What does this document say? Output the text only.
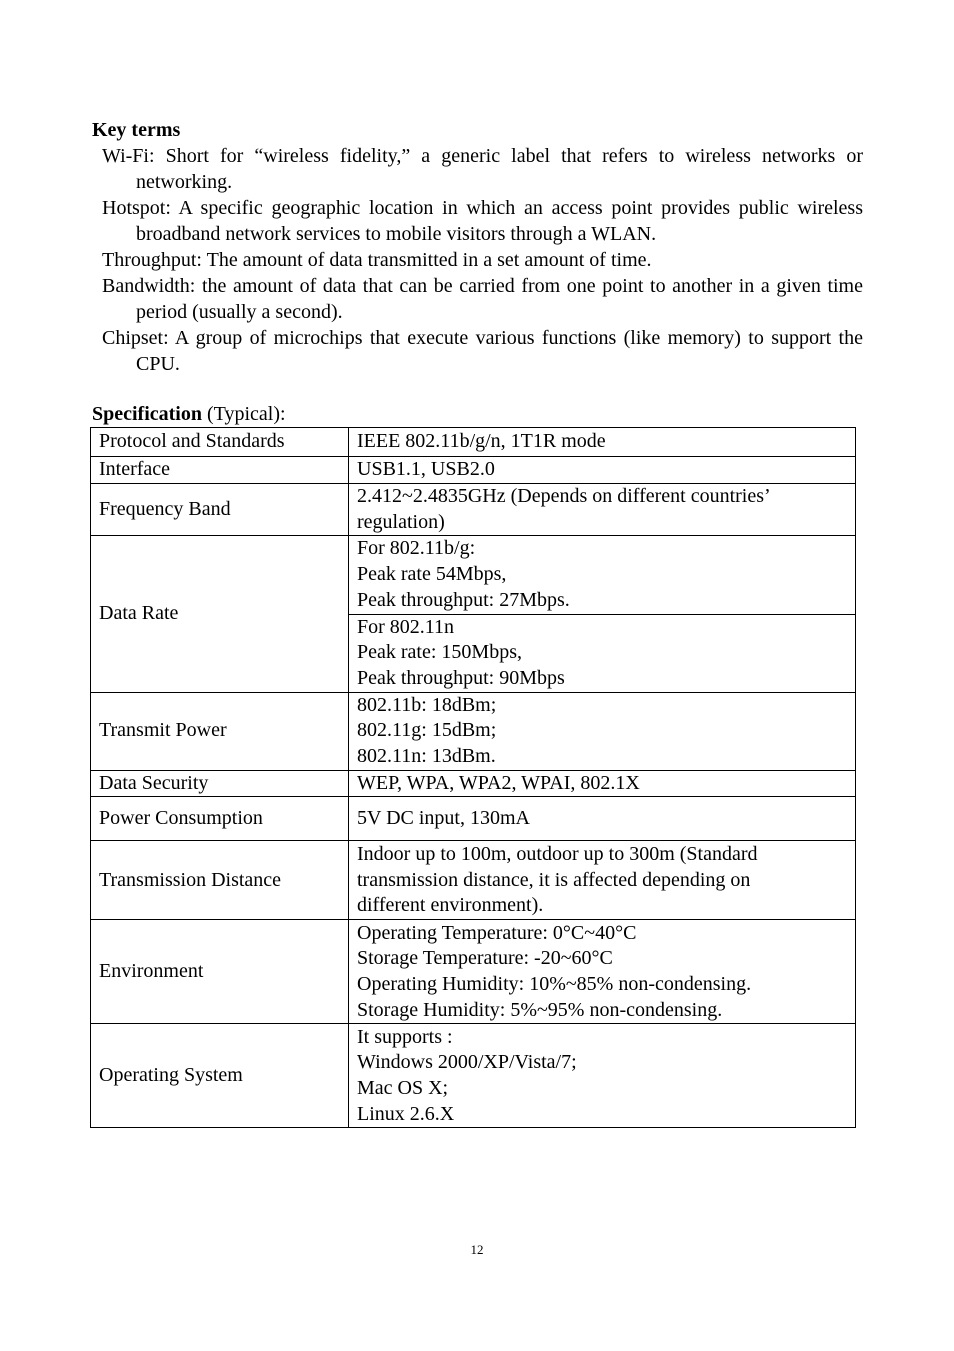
Key terms
Wi-Fi: Short for “wireless fidelity,” a generic label that refers to wireless networks or networking.
Hotspot: A specific geographic location in which an access point provides public wireless broadband network services to mobile visitors through a WLAN.
Throughput: The amount of data transmitted in a set amount of time.
Bandwidth: the amount of data that can be carried from one point to another in a given time period (usually a second).
Chipset: A group of microchips that execute various functions (like memory) to support the CPU.
Specification (Typical):
Protocol and Standards	IEEE 802.11b/g/n, 1T1R mode

Interface	USB1.1, USB2.0

Frequency Band	2.412~2.4835GHz (Depends on different countries’
regulation)

Data Rate	For 802.11b/g:
Peak rate 54Mbps,
Peak throughput: 27Mbps.

	For 802.11n
Peak rate: 150Mbps,
Peak throughput: 90Mbps

Transmit Power	802.11b: 18dBm;
802.11g: 15dBm;
802.11n: 13dBm.

Data Security	WEP, WPA, WPA2, WPAI, 802.1X

Power Consumption	5V DC input, 130mA

Transmission Distance	Indoor up to 100m, outdoor up to 300m (Standard
transmission distance, it is affected depending on
different environment).

Environment	Operating Temperature: 0°C~40°C
Storage Temperature: -20~60°C
Operating Humidity: 10%~85% non-condensing.
Storage Humidity: 5%~95% non-condensing.

Operating System	It supports :
Windows 2000/XP/Vista/7;
Mac OS X;
Linux 2.6.X
12
